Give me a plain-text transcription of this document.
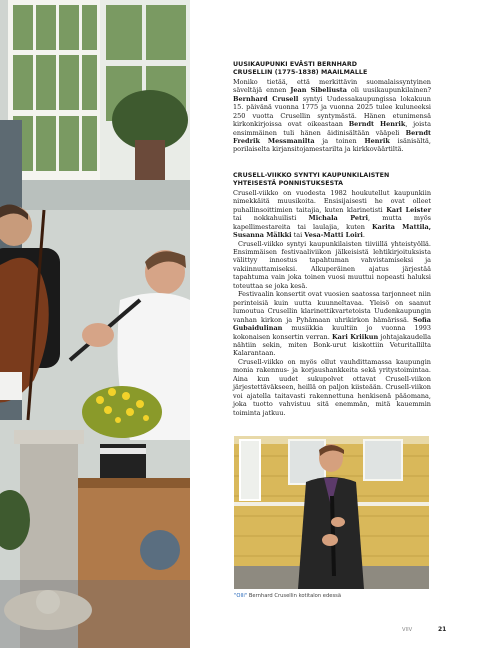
UUSIKAUPUNKI EVÄSTI BERNHARD
CRUSELLIN (1775-1838) MAAILMALLE

Moniko tietää, että merkittävin suomalaissyntyinen säveltäjä ennen Jean Sibeliusta oli uusikaupunkilainen? Bernhard Crusell syntyi Uudessakaupungissa lokakuun 15. päivänä vuonna 1775 ja vuonna 2025 tulee kuluneeksi 250 vuotta Crusellin syntymästä. Hänen etunimensä kirkonkirjoissa ovat oikeastaan Berndt Henrik, joista ensimmäinen tuli hänen äidinisältään vääpeli Berndt Fredrik Messmanilta ja toinen Henrik isänisältä, porilaiselta kirjansitojamestarilta ja kirkkoväärtiltä.

CRUSELL-VIIKKO SYNTYI KAUPUNKILAISTEN
YHTEISESTÄ PONNISTUKSESTA

Crusell-viikko on vuodesta 1982 houkutellut kaupunkiin nimekkäitä muusikoita. Ensisijaisesti he ovat olleet puhallinsoittimien taitajia, kuten klarinetisti Karl Leister tai nokkahuilisti Michala Petri, mutta myös kapellimestareita tai laulajia, kuten Karita Mattila, Susanna Mälkki tai Vesa-Matti Loiri.

Crusell-viikko syntyi kaupunkilaisten tiiviillä yhteistyöllä. Ensimmäisen festivaaliviikon jälkeisistä lehtikirjoituksista välittyy innostus tapahtuman vahvistamiseksi ja vakiinnuttamiseksi. Alkuperäinen ajatus järjestää tapahtuma vain joka toinen vuosi muuttui nopeasti haluksi toteuttaa se joka kesä.

Festivaalin konsertit ovat vuosien saatossa tarjonneet niin perinteisiä kuin uutta kuunneltavaa. Yleisö on saanut lumoutua Crusellin klarinettikvartetoista Uudenkaupungin vanhan kirkon ja Pyhämaan uhrikirkon hämärissä. Sofia Gubaidulinan musiikkia kuultiin jo vuonna 1993 kokonaisen konsertin verran. Kari Kriikun johtajakaudella nähtiin sekin, miten Bonk-urut kiskottiin Veturitallilta Kalarantaan.

Crusell-viikko on myös ollut vauhdittamassa kaupungin monia rakennus- ja korjaushankkeita sekä yritystoimintaa. Aina kun uudet sukupolvet ottavat Crusell-viikon järjestettäväkseen, heillä on paljon kiisteään. Crusell-viikon voi ajatella taitavasti rakennettuna henkisenä pääomana, joka tuotto vahvistuu sitä enemmän, mitä kauemmin toiminta jatkuu.

"Olli" Bernhard Crusellin kotitalon edessä
VIIV	21
